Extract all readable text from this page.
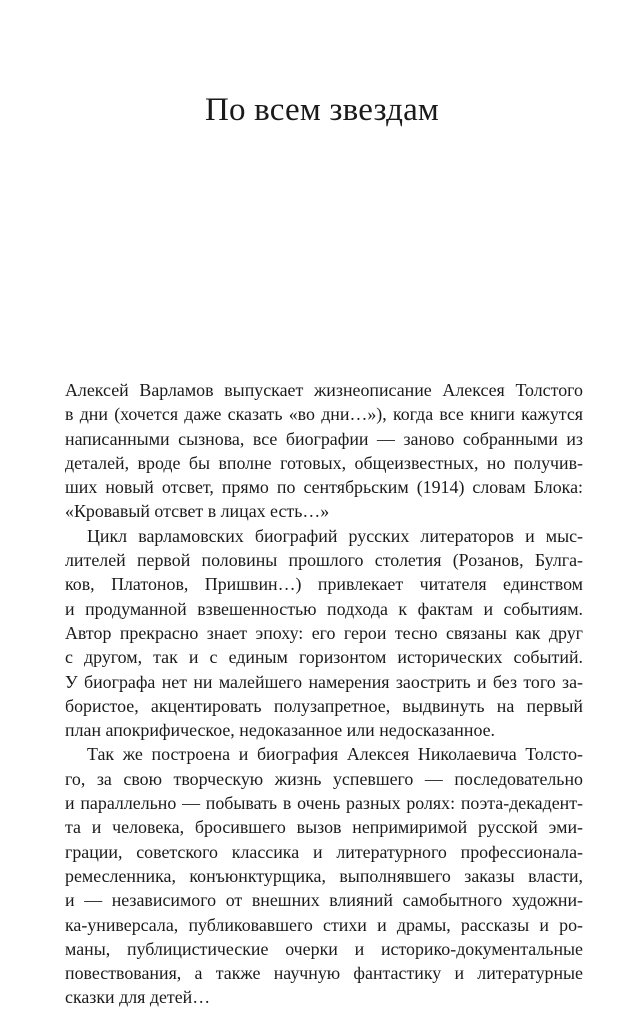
По всем звездам
Алексей Варламов выпускает жизнеописание Алексея Толстого
в дни (хочется даже сказать «во дни…»), когда все книги кажутся
написанными сызнова, все биографии — заново собранными из
деталей, вроде бы вполне готовых, общеизвестных, но получив-
ших новый отсвет, прямо по сентябрьским (1914) словам Блока:
«Кровавый отсвет в лицах есть…»
Цикл варламовских биографий русских литераторов и мыс-
лителей первой половины прошлого столетия (Розанов, Булга-
ков, Платонов, Пришвин…) привлекает читателя единством
и продуманной взвешенностью подхода к фактам и событиям.
Автор прекрасно знает эпоху: его герои тесно связаны как друг
с другом, так и с единым горизонтом исторических событий.
У биографа нет ни малейшего намерения заострить и без того за-
бористое, акцентировать полузапретное, выдвинуть на первый
план апокрифическое, недоказанное или недосказанное.
Так же построена и биография Алексея Николаевича Толсто-
го, за свою творческую жизнь успевшего — последовательно
и параллельно — побывать в очень разных ролях: поэта-декадент-
та и человека, бросившего вызов непримиримой русской эми-
грации, советского классика и литературного профессионала-
ремесленника, конъюнктурщика, выполнявшего заказы власти,
и — независимого от внешних влияний самобытного художни-
ка-универсала, публиковавшего стихи и драмы, рассказы и ро-
маны, публицистические очерки и историко-документальные
повествования, а также научную фантастику и литературные
сказки для детей…
